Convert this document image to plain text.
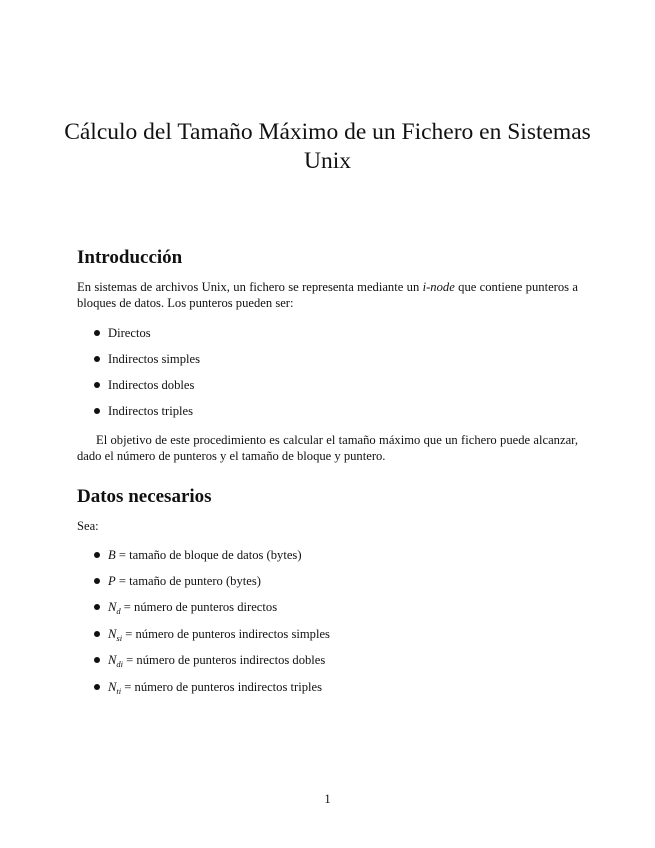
Cálculo del Tamaño Máximo de un Fichero en Sistemas Unix
Introducción

En sistemas de archivos Unix, un fichero se representa mediante un i-node que contiene punteros a bloques de datos. Los punteros pueden ser:

Directos
Indirectos simples
Indirectos dobles
Indirectos triples

El objetivo de este procedimiento es calcular el tamaño máximo que un fichero puede alcanzar, dado el número de punteros y el tamaño de bloque y puntero.

Datos necesarios

Sea:

B = tamaño de bloque de datos (bytes)
P = tamaño de puntero (bytes)
$N_d$ = número de punteros directos
$N_{si}$ = número de punteros indirectos simples
$N_{di}$ = número de punteros indirectos dobles
$N_{ti}$ = número de punteros indirectos triples
1
